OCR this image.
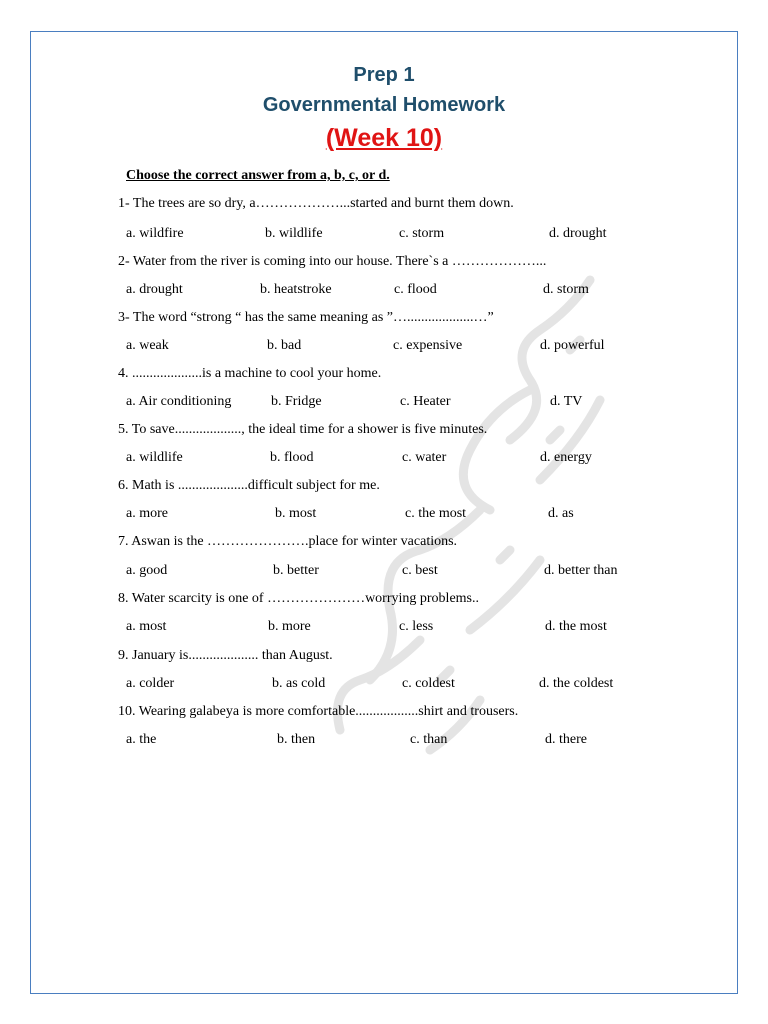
Prep 1
Governmental Homework
(Week 10)
Choose the correct answer from a, b, c, or d.
1- The trees are so dry, a………………...started and burnt them down.
a. wildfire	b. wildlife	c. storm	d. drought
2- Water from the river is coming into our house. There`s a ………………...
a. drought	b. heatstroke	c. flood	d. storm
3- The word “strong “ has the same meaning as ”…...................…”
a. weak	b. bad	c. expensive	d. powerful
4. ....................is a machine to cool your home.
a. Air conditioning	b. Fridge	c. Heater	d. TV
5. To save..................., the ideal time for a shower is five minutes.
a. wildlife	b. flood	c. water	d. energy
6. Math is ....................difficult subject for me.
a. more	b. most	c. the most	d. as
7. Aswan is the ………………….place for winter vacations.
a. good	b. better	c. best	d. better than
8. Water scarcity is one of …………………worrying problems..
a. most	b. more	c. less	d. the most
9. January is.................... than August.
a. colder	b. as cold	c. coldest	d. the coldest
10. Wearing galabeya is more comfortable..................shirt and trousers.
a. the	b. then	c. than	d. there
